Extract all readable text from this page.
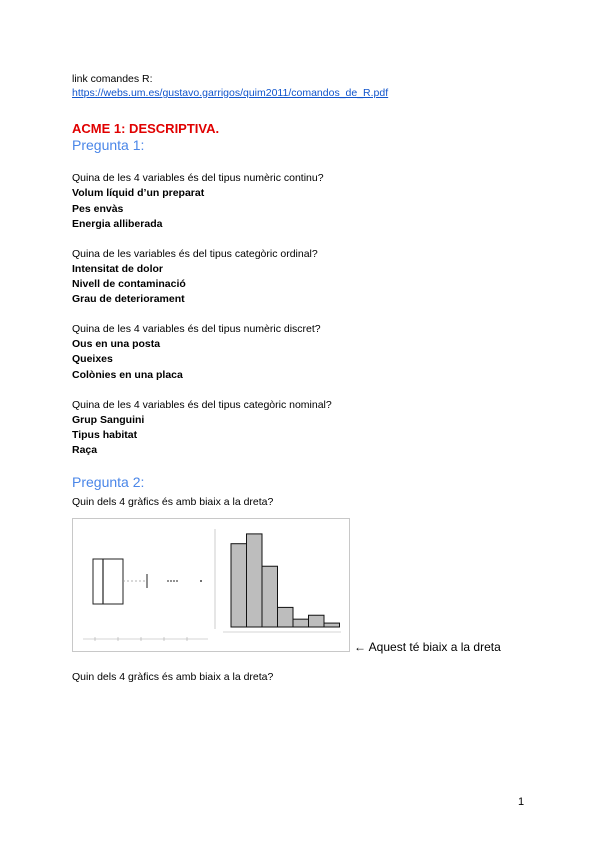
link comandes R:
https://webs.um.es/gustavo.garrigos/quim2011/comandos_de_R.pdf
ACME 1: DESCRIPTIVA.
Pregunta 1:
Quina de les 4 variables és del tipus numèric continu?
Volum líquid d’un preparat
Pes envàs
Energia alliberada
Quina de les variables és del tipus categòric ordinal?
Intensitat de dolor
Nivell de contaminació
Grau de deteriorament
Quina de les 4 variables és del tipus numèric discret?
Ous en una posta
Queixes
Colònies en una placa
Quina de les 4 variables és del tipus categòric nominal?
Grup Sanguini
Tipus habitat
Raça
Pregunta 2:
Quin dels 4 gràfics és amb biaix a la dreta?
← Aquest té biaix a la dreta
Quin dels 4 gràfics és amb biaix a la dreta?
1
